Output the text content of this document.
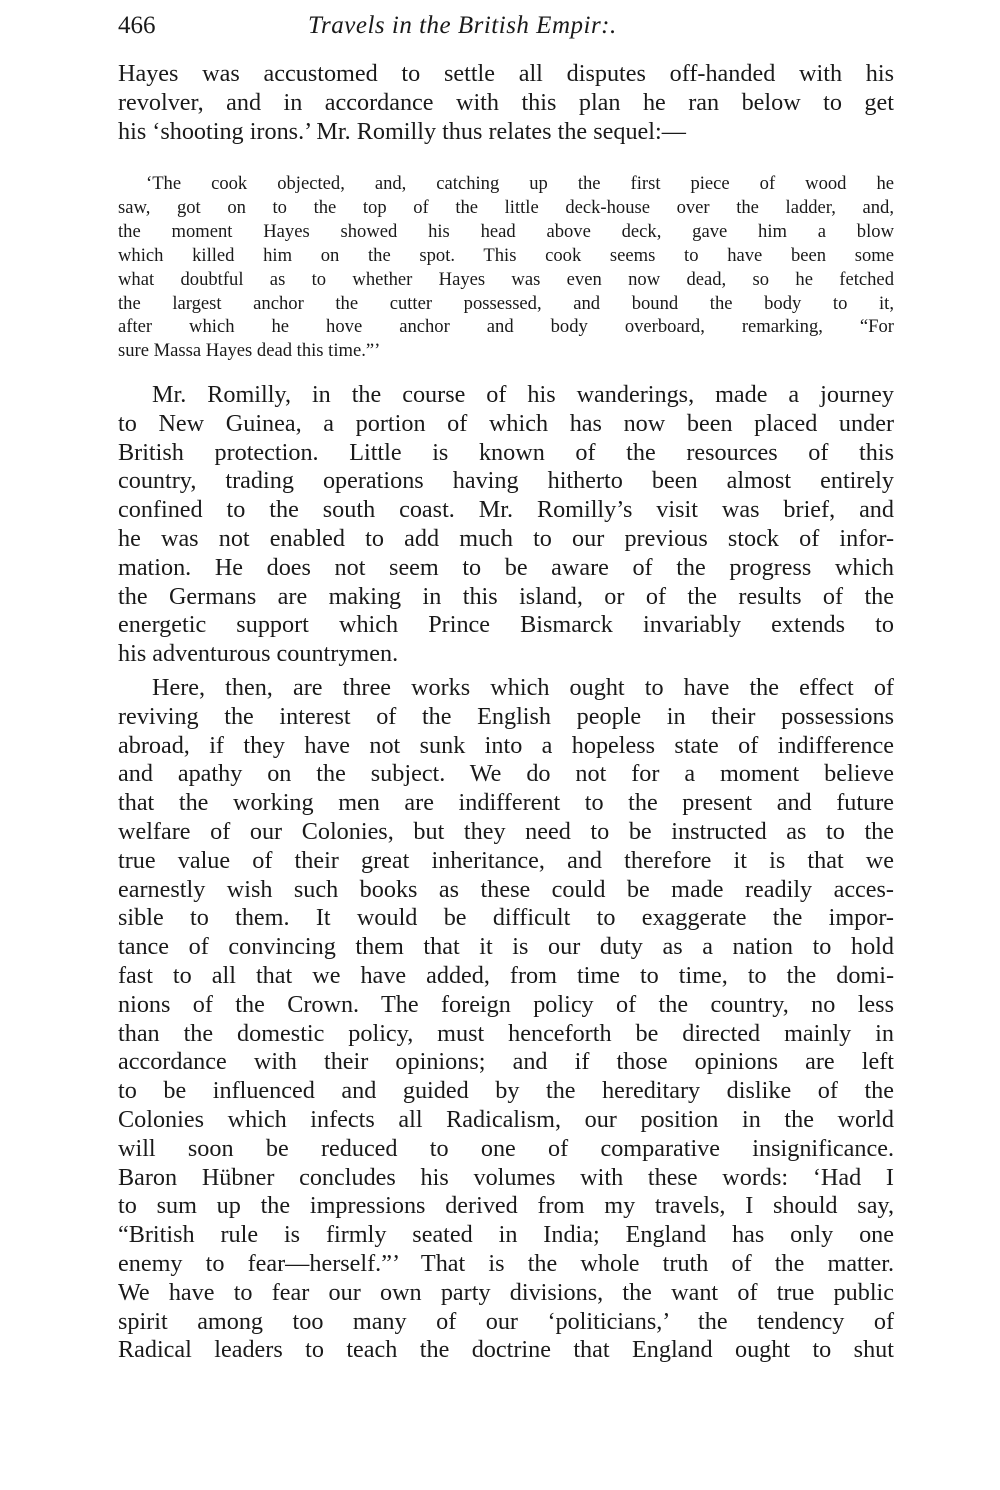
466	Travels in the British Empir:.
Hayes was accustomed to settle all disputes off-handed with his
revolver, and in accordance with this plan he ran below to get
his ‘shooting irons.’ Mr. Romilly thus relates the sequel:—
‘The cook objected, and, catching up the first piece of wood he
saw, got on to the top of the little deck-house over the ladder, and,
the moment Hayes showed his head above deck, gave him a blow
which killed him on the spot. This cook seems to have been some
what doubtful as to whether Hayes was even now dead, so he fetched
the largest anchor the cutter possessed, and bound the body to it,
after which he hove anchor and body overboard, remarking, “For
sure Massa Hayes dead this time.”’
Mr. Romilly, in the course of his wanderings, made a journey
to New Guinea, a portion of which has now been placed under
British protection. Little is known of the resources of this
country, trading operations having hitherto been almost entirely
confined to the south coast. Mr. Romilly’s visit was brief, and
he was not enabled to add much to our previous stock of infor-
mation. He does not seem to be aware of the progress which
the Germans are making in this island, or of the results of the
energetic support which Prince Bismarck invariably extends to
his adventurous countrymen.
Here, then, are three works which ought to have the effect of
reviving the interest of the English people in their possessions
abroad, if they have not sunk into a hopeless state of indifference
and apathy on the subject. We do not for a moment believe
that the working men are indifferent to the present and future
welfare of our Colonies, but they need to be instructed as to the
true value of their great inheritance, and therefore it is that we
earnestly wish such books as these could be made readily acces-
sible to them. It would be difficult to exaggerate the impor-
tance of convincing them that it is our duty as a nation to hold
fast to all that we have added, from time to time, to the domi-
nions of the Crown. The foreign policy of the country, no less
than the domestic policy, must henceforth be directed mainly in
accordance with their opinions; and if those opinions are left
to be influenced and guided by the hereditary dislike of the
Colonies which infects all Radicalism, our position in the world
will soon be reduced to one of comparative insignificance.
Baron Hübner concludes his volumes with these words: ‘Had I
to sum up the impressions derived from my travels, I should say,
“British rule is firmly seated in India; England has only one
enemy to fear—herself.”’ That is the whole truth of the matter.
We have to fear our own party divisions, the want of true public
spirit among too many of our ‘politicians,’ the tendency of
Radical leaders to teach the doctrine that England ought to shut
